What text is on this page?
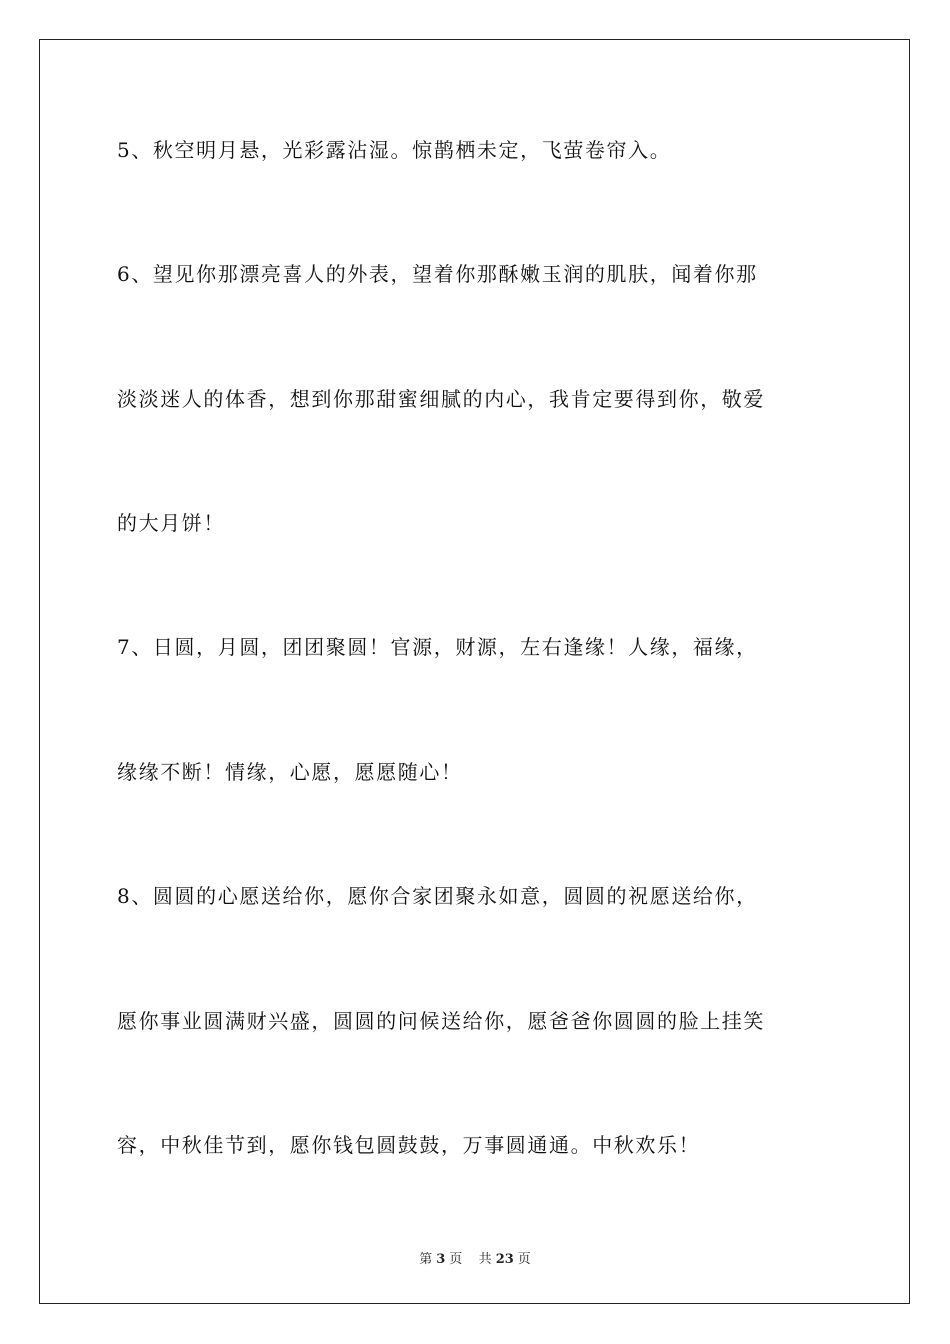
5、秋空明月悬，光彩露沾湿。惊鹊栖未定，飞萤卷帘入。
6、望见你那漂亮喜人的外表，望着你那酥嫩玉润的肌肤，闻着你那
淡淡迷人的体香，想到你那甜蜜细腻的内心，我肯定要得到你，敬爱
的大月饼！
7、日圆，月圆，团团聚圆！官源，财源，左右逢缘！人缘，福缘，
缘缘不断！情缘，心愿，愿愿随心！
8、圆圆的心愿送给你，愿你合家团聚永如意，圆圆的祝愿送给你，
愿你事业圆满财兴盛，圆圆的问候送给你，愿爸爸你圆圆的脸上挂笑
容，中秋佳节到，愿你钱包圆鼓鼓，万事圆通通。中秋欢乐！
第 3 页 共 23 页
